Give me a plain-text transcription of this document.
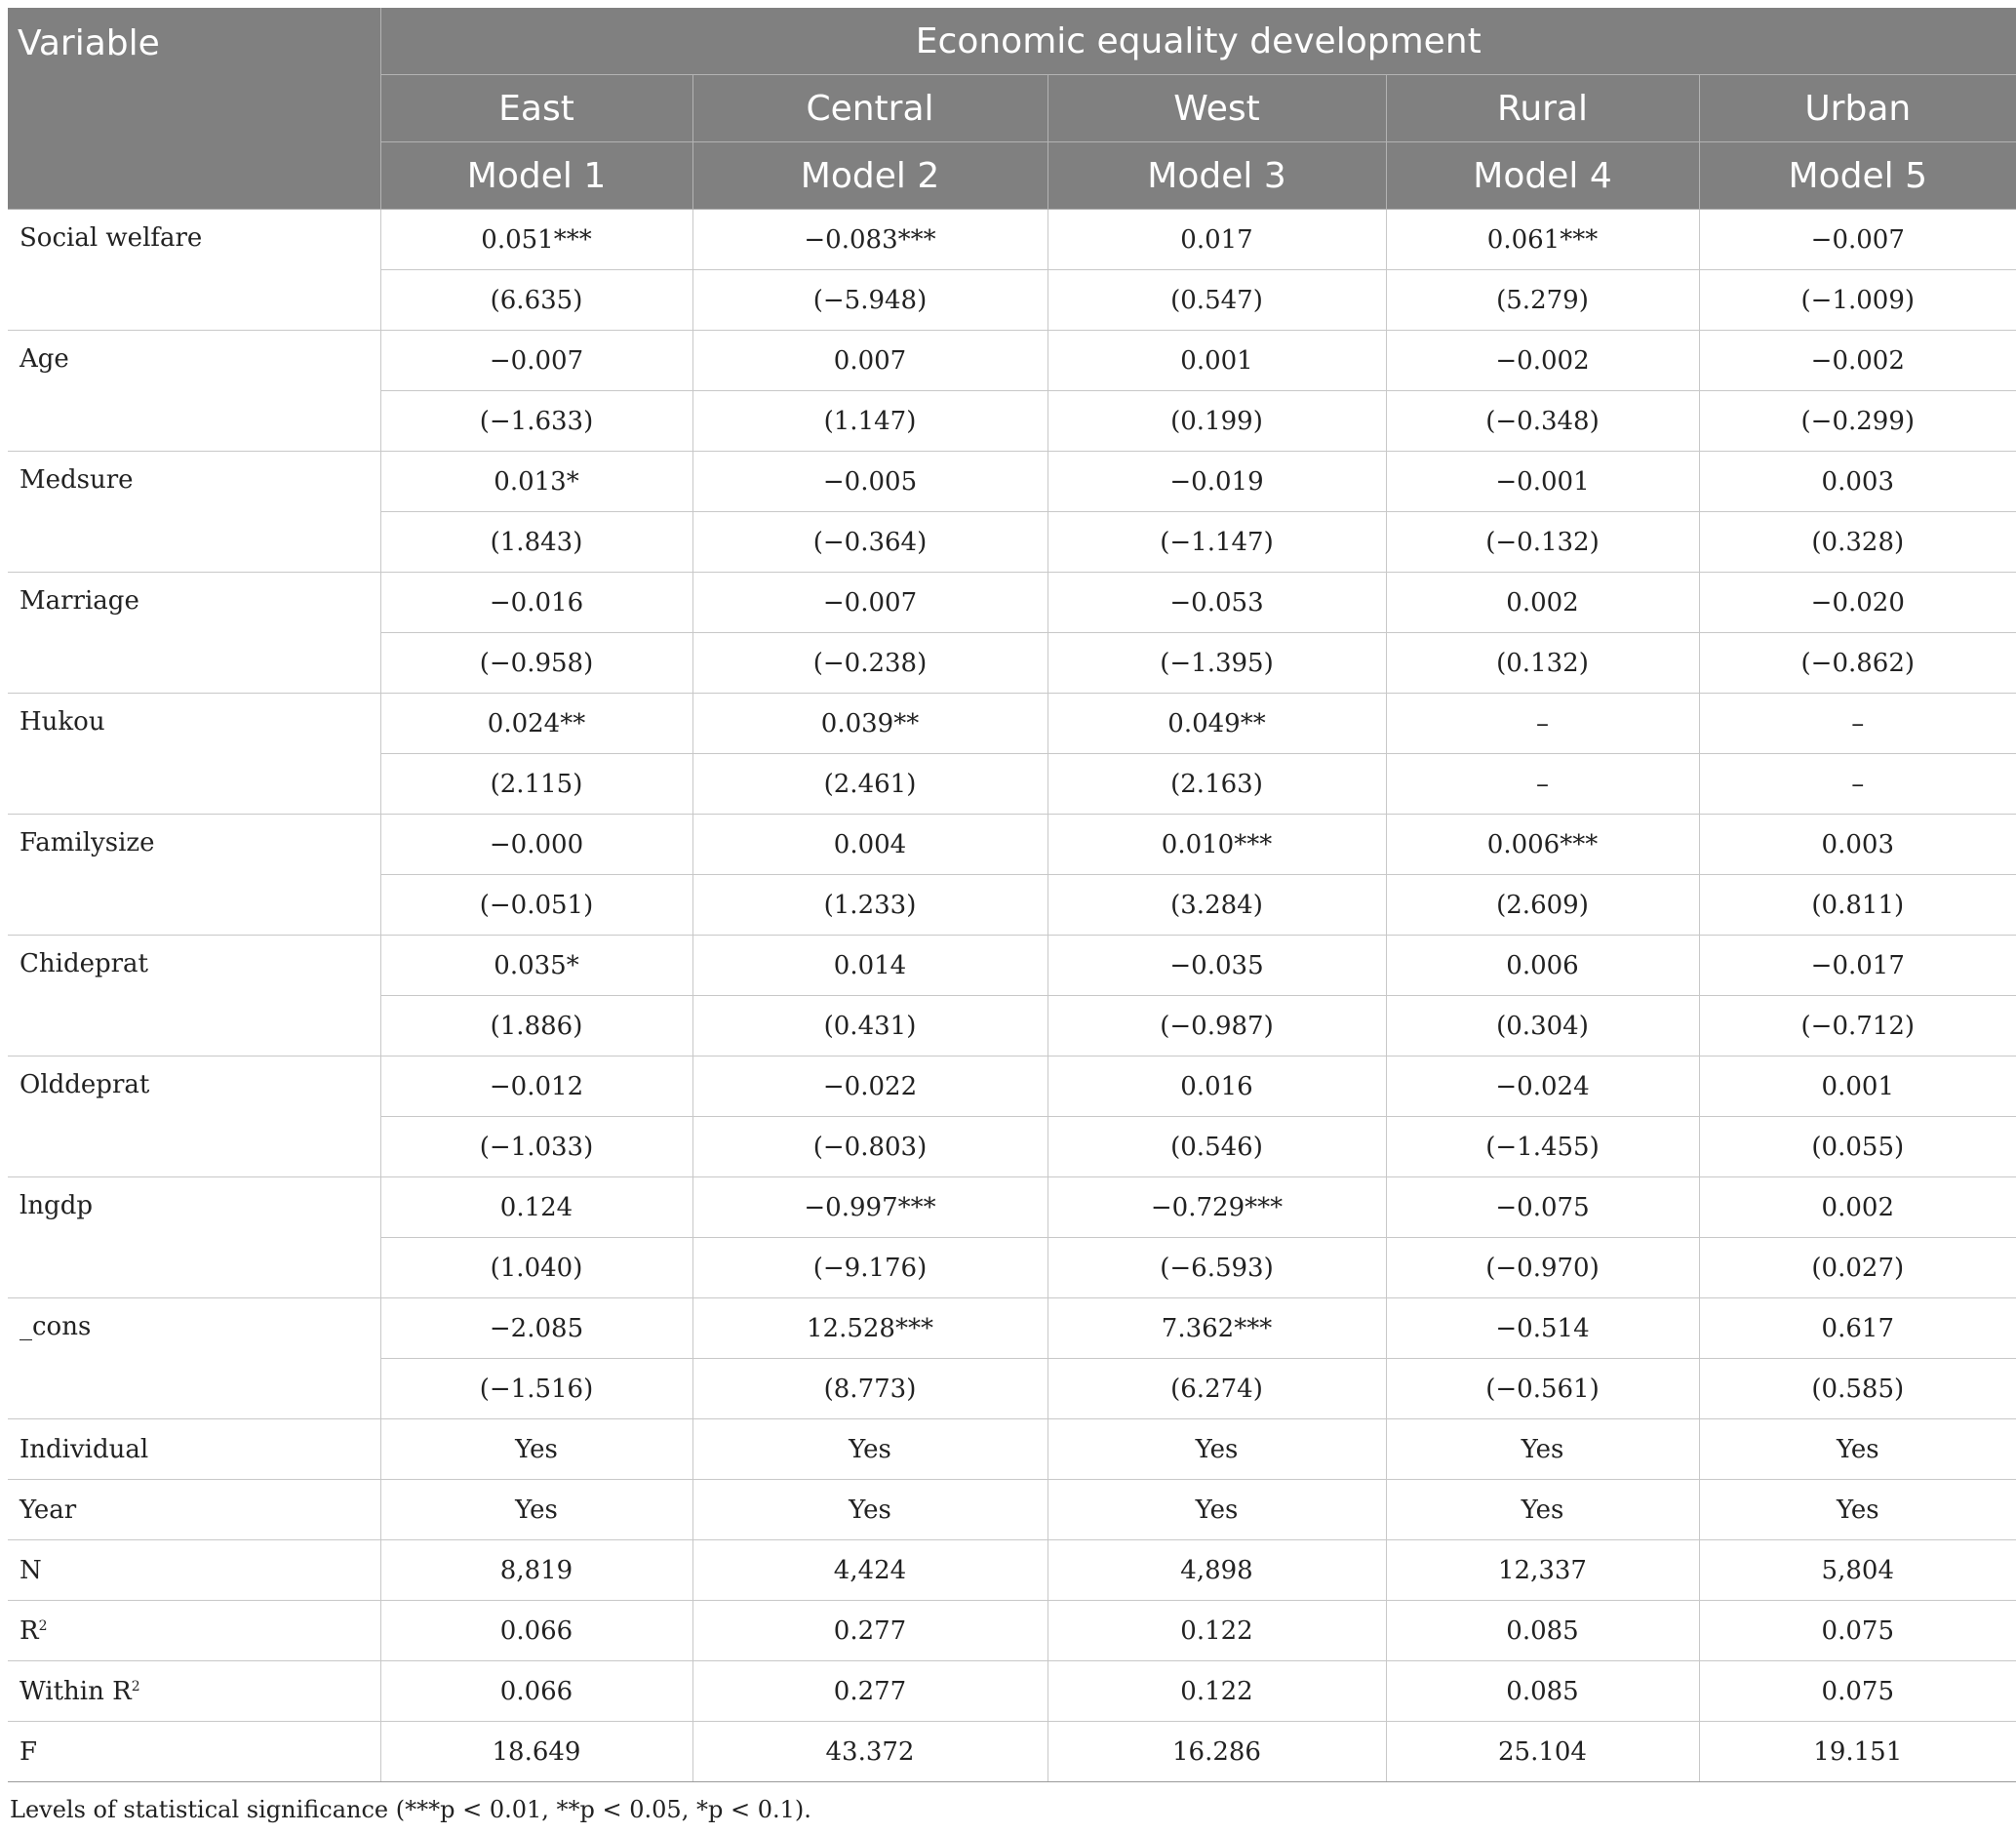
Variable	Economic equality development				
	East	Central	West	Rural	Urban
	Model 1	Model 2	Model 3	Model 4	Model 5
Social welfare	0.051***	−0.083***	0.017	0.061***	−0.007
	(6.635)	(−5.948)	(0.547)	(5.279)	(−1.009)
Age	−0.007	0.007	0.001	−0.002	−0.002
	(−1.633)	(1.147)	(0.199)	(−0.348)	(−0.299)
Medsure	0.013*	−0.005	−0.019	−0.001	0.003
	(1.843)	(−0.364)	(−1.147)	(−0.132)	(0.328)
Marriage	−0.016	−0.007	−0.053	0.002	−0.020
	(−0.958)	(−0.238)	(−1.395)	(0.132)	(−0.862)
Hukou	0.024**	0.039**	0.049**	–	–
	(2.115)	(2.461)	(2.163)	–	–
Familysize	−0.000	0.004	0.010***	0.006***	0.003
	(−0.051)	(1.233)	(3.284)	(2.609)	(0.811)
Chideprat	0.035*	0.014	−0.035	0.006	−0.017
	(1.886)	(0.431)	(−0.987)	(0.304)	(−0.712)
Olddeprat	−0.012	−0.022	0.016	−0.024	0.001
	(−1.033)	(−0.803)	(0.546)	(−1.455)	(0.055)
lngdp	0.124	−0.997***	−0.729***	−0.075	0.002
	(1.040)	(−9.176)	(−6.593)	(−0.970)	(0.027)
_cons	−2.085	12.528***	7.362***	−0.514	0.617
	(−1.516)	(8.773)	(6.274)	(−0.561)	(0.585)
Individual	Yes	Yes	Yes	Yes	Yes
Year	Yes	Yes	Yes	Yes	Yes
N	8,819	4,424	4,898	12,337	5,804
$R^2$	0.066	0.277	0.122	0.085	0.075
Within $R^2$	0.066	0.277	0.122	0.085	0.075
F	18.649	43.372	16.286	25.104	19.151
Levels of statistical significance (***p < 0.01, **p < 0.05, *p < 0.1).
